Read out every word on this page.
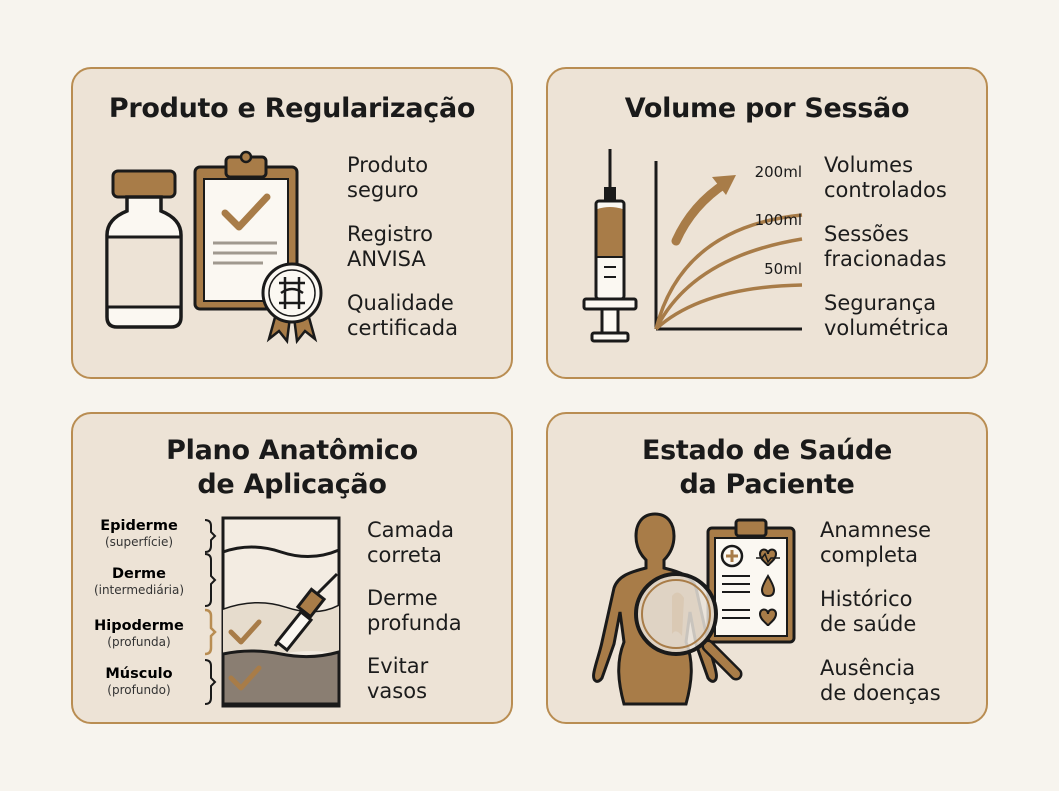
Produto e Regularização
Produto
seguro
Registro
ANVISA
Qualidade
certificada
Volume por Sessão
200ml
100ml
50ml
Volumes
controlados
Sessões
fracionadas
Segurança
volumétrica
Plano Anatômico
de Aplicação
Epiderme
(superfície)
Derme
(intermediária)
Hipoderme
(profunda)
Músculo
(profundo)
Camada
correta
Derme
profunda
Evitar
vasos
Estado de Saúde
da Paciente
Anamnese
completa
Histórico
de saúde
Ausência
de doenças
